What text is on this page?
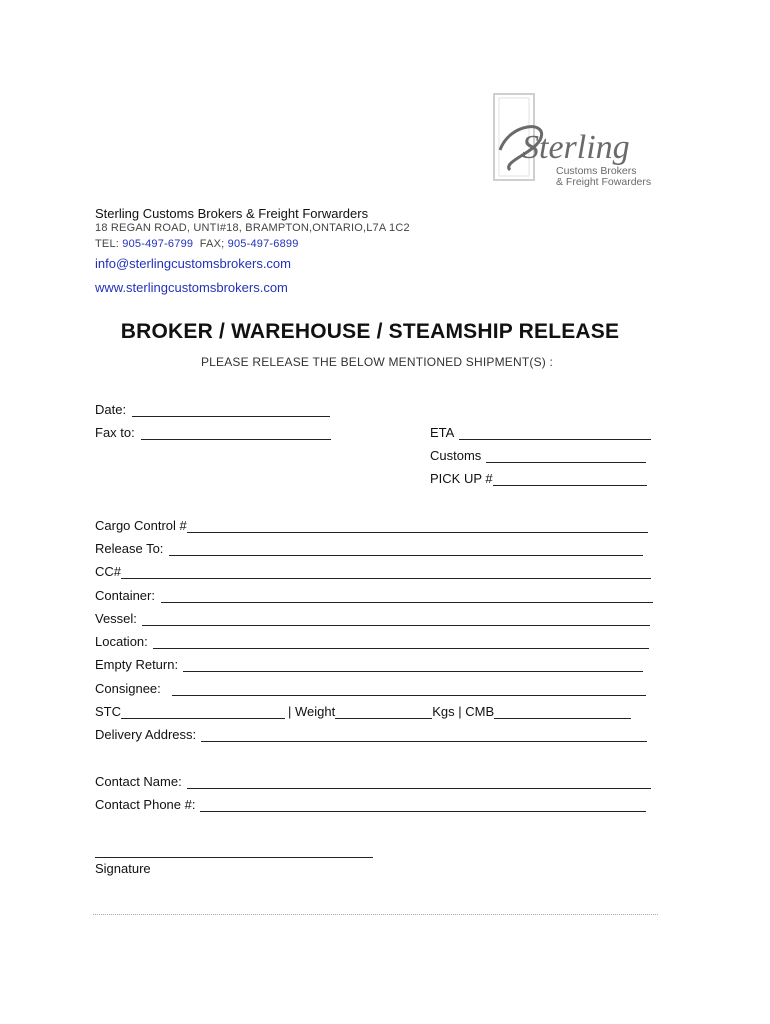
Sterling
Customs Brokers
& Freight Fowarders
Sterling Customs Brokers & Freight Forwarders
18 REGAN ROAD, UNTI#18, BRAMPTON,ONTARIO,L7A 1C2
TEL: 905-497-6799  FAX; 905-497-6899
info@sterlingcustomsbrokers.com
www.sterlingcustomsbrokers.com
BROKER / WAREHOUSE / STEAMSHIP RELEASE
PLEASE RELEASE THE BELOW MENTIONED SHIPMENT(S) :
Date:
Fax to:	ETA
Customs
PICK UP #
Cargo Control #
Release To:
CC#
Container:
Vessel:
Location:
Empty Return:
Consignee:
STC	| Weight	Kgs | CMB
Delivery Address:
Contact Name:
Contact Phone #:
Signature
